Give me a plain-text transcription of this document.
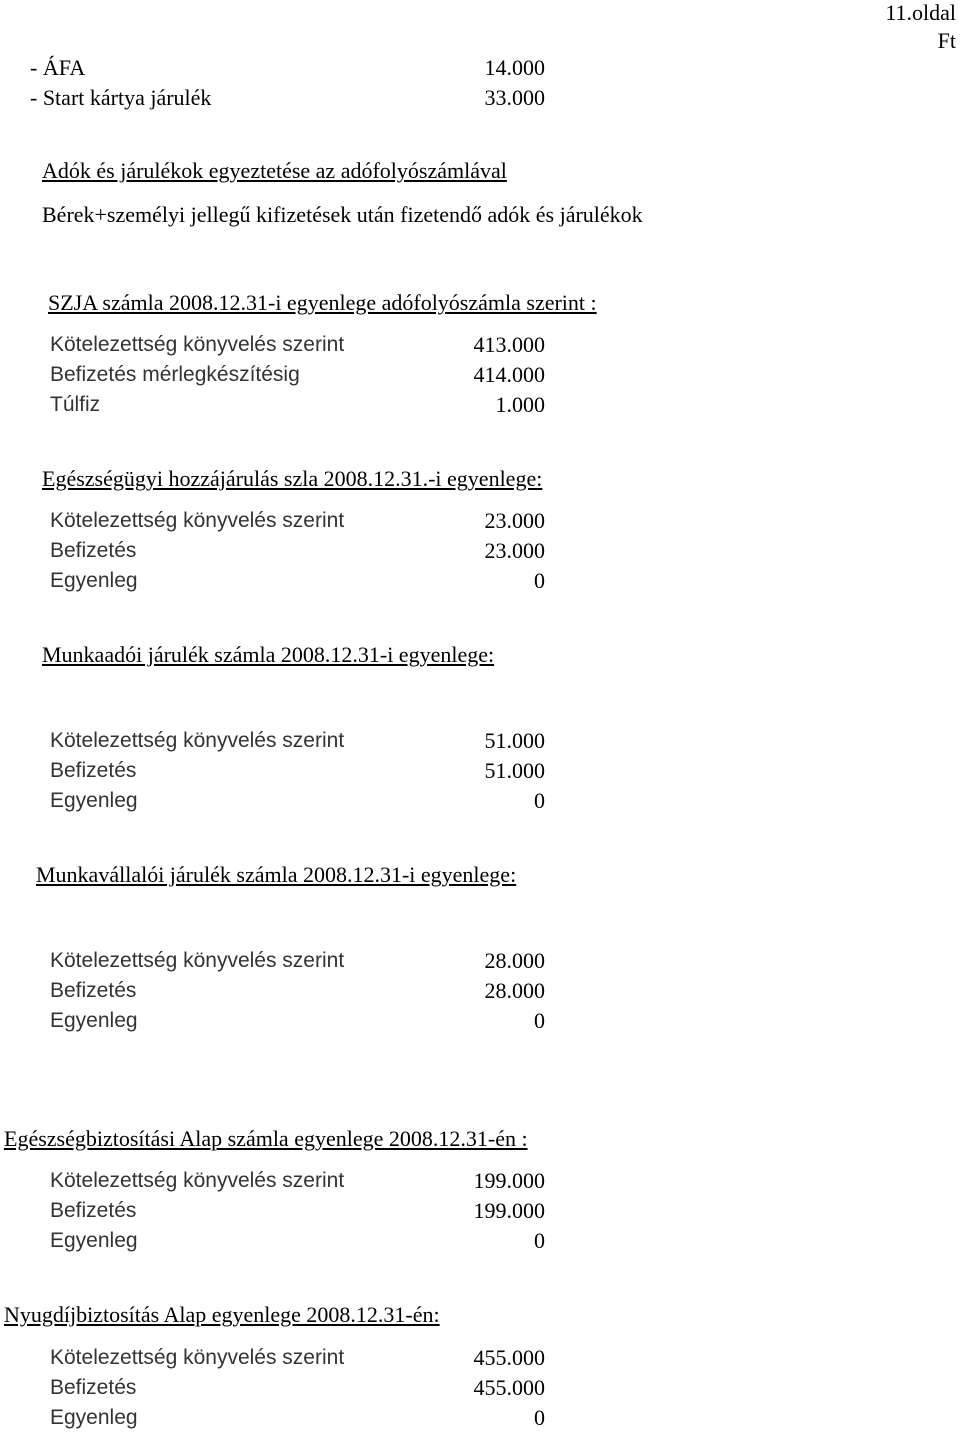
11.oldal
Ft
- ÁFA	14.000
- Start kártya járulék	33.000
Adók és járulékok egyeztetése az adófolyószámlával
Bérek+személyi jellegű kifizetések után fizetendő adók és járulékok
SZJA számla 2008.12.31-i egyenlege adófolyószámla szerint :
Kötelezettség könyvelés szerint	413.000
Befizetés mérlegkészítésig	414.000
Túlfiz	1.000
Egészségügyi hozzájárulás szla 2008.12.31.-i egyenlege:
Kötelezettség könyvelés szerint	23.000
Befizetés	23.000
Egyenleg	0
Munkaadói járulék számla 2008.12.31-i egyenlege:
Kötelezettség könyvelés szerint	51.000
Befizetés	51.000
Egyenleg	0
Munkavállalói járulék számla 2008.12.31-i egyenlege:
Kötelezettség könyvelés szerint	28.000
Befizetés	28.000
Egyenleg	0
Egészségbiztosítási Alap számla egyenlege 2008.12.31-én :
Kötelezettség könyvelés szerint	199.000
Befizetés	199.000
Egyenleg	0
Nyugdíjbiztosítás Alap egyenlege 2008.12.31-én:
Kötelezettség könyvelés szerint	455.000
Befizetés	455.000
Egyenleg	0
